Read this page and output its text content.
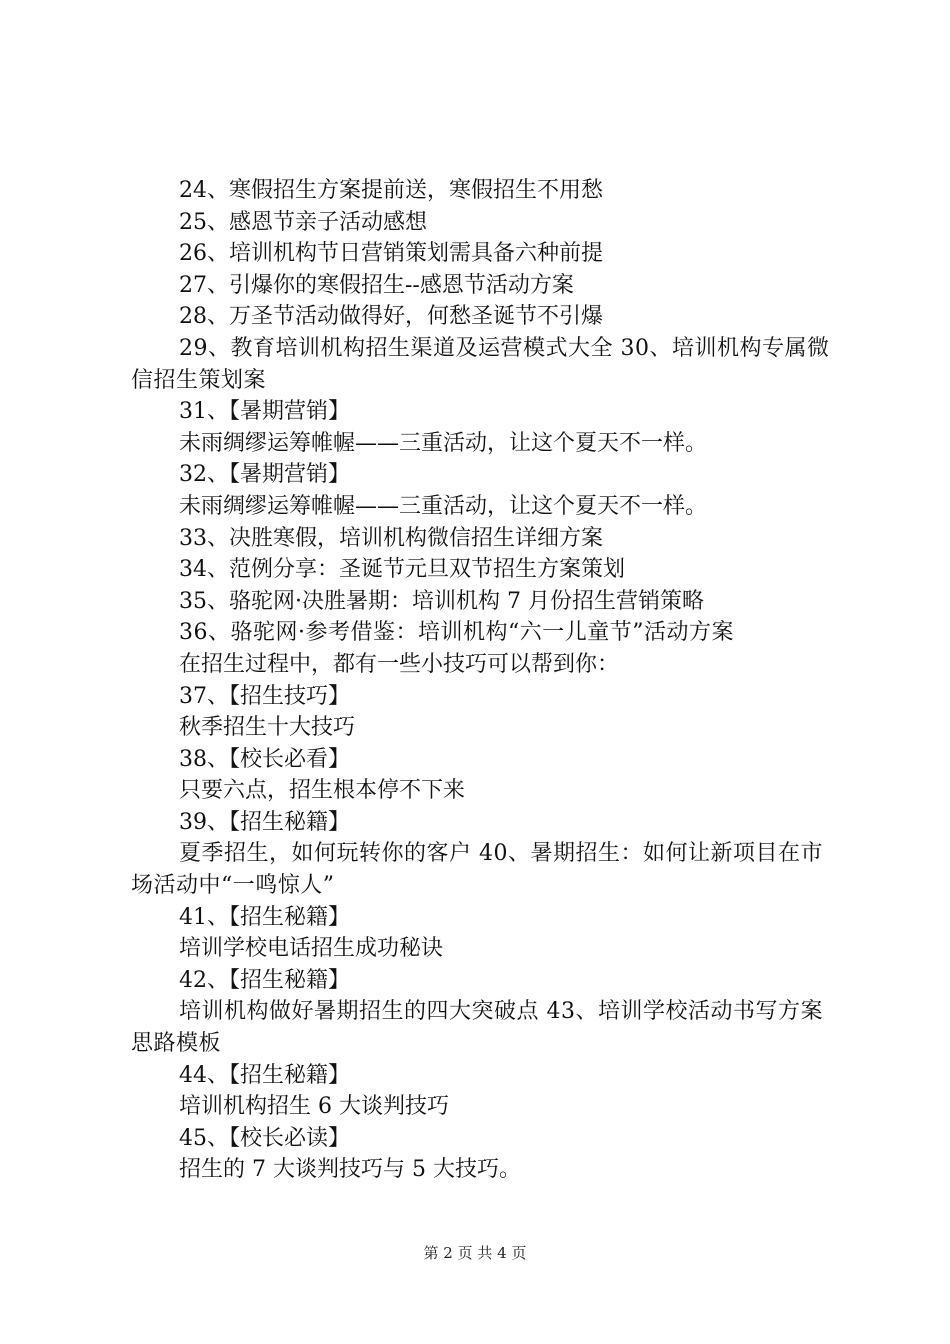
24、寒假招生方案提前送，寒假招生不用愁
25、感恩节亲子活动感想
26、培训机构节日营销策划需具备六种前提
27、引爆你的寒假招生--感恩节活动方案
28、万圣节活动做得好，何愁圣诞节不引爆
29、教育培训机构招生渠道及运营模式大全 30、培训机构专属微信招生策划案
31、【暑期营销】
未雨绸缪运筹帷幄——三重活动，让这个夏天不一样。
32、【暑期营销】
未雨绸缪运筹帷幄——三重活动，让这个夏天不一样。
33、决胜寒假，培训机构微信招生详细方案
34、范例分享：圣诞节元旦双节招生方案策划
35、骆驼网·决胜暑期：培训机构 7 月份招生营销策略
36、骆驼网·参考借鉴：培训机构“六一儿童节”活动方案
在招生过程中，都有一些小技巧可以帮到你：
37、【招生技巧】
秋季招生十大技巧
38、【校长必看】
只要六点，招生根本停不下来
39、【招生秘籍】
夏季招生，如何玩转你的客户 40、暑期招生：如何让新项目在市场活动中“一鸣惊人”
41、【招生秘籍】
培训学校电话招生成功秘诀
42、【招生秘籍】
培训机构做好暑期招生的四大突破点 43、培训学校活动书写方案思路模板
44、【招生秘籍】
培训机构招生 6 大谈判技巧
45、【校长必读】
招生的 7 大谈判技巧与 5 大技巧。
第 2 页 共 4 页
